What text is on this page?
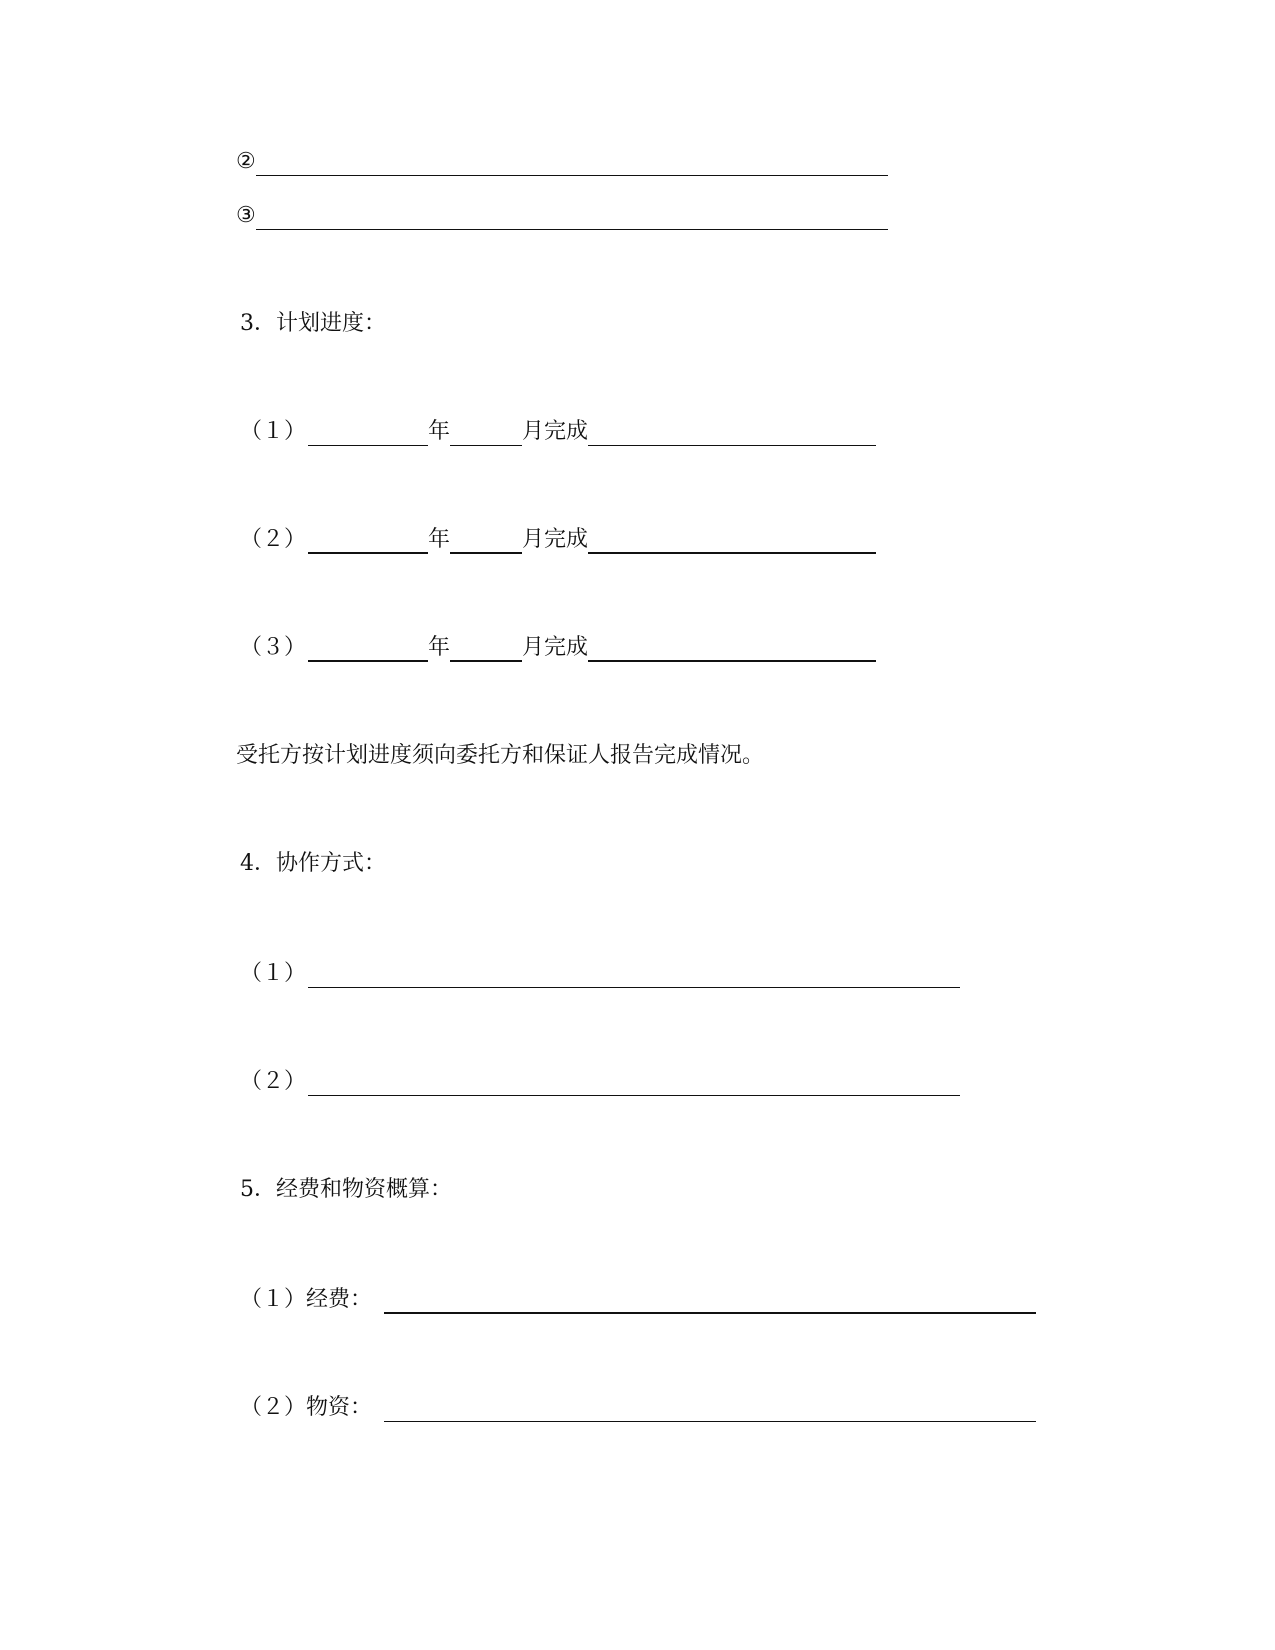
②
③
3．计划进度：
（１）	年	月完成
（２）	年	月完成
（３）	年	月完成
受托方按计划进度须向委托方和保证人报告完成情况。
4．协作方式：
（１）
（２）
5．经费和物资概算：
（１）经费：
（２）物资：
